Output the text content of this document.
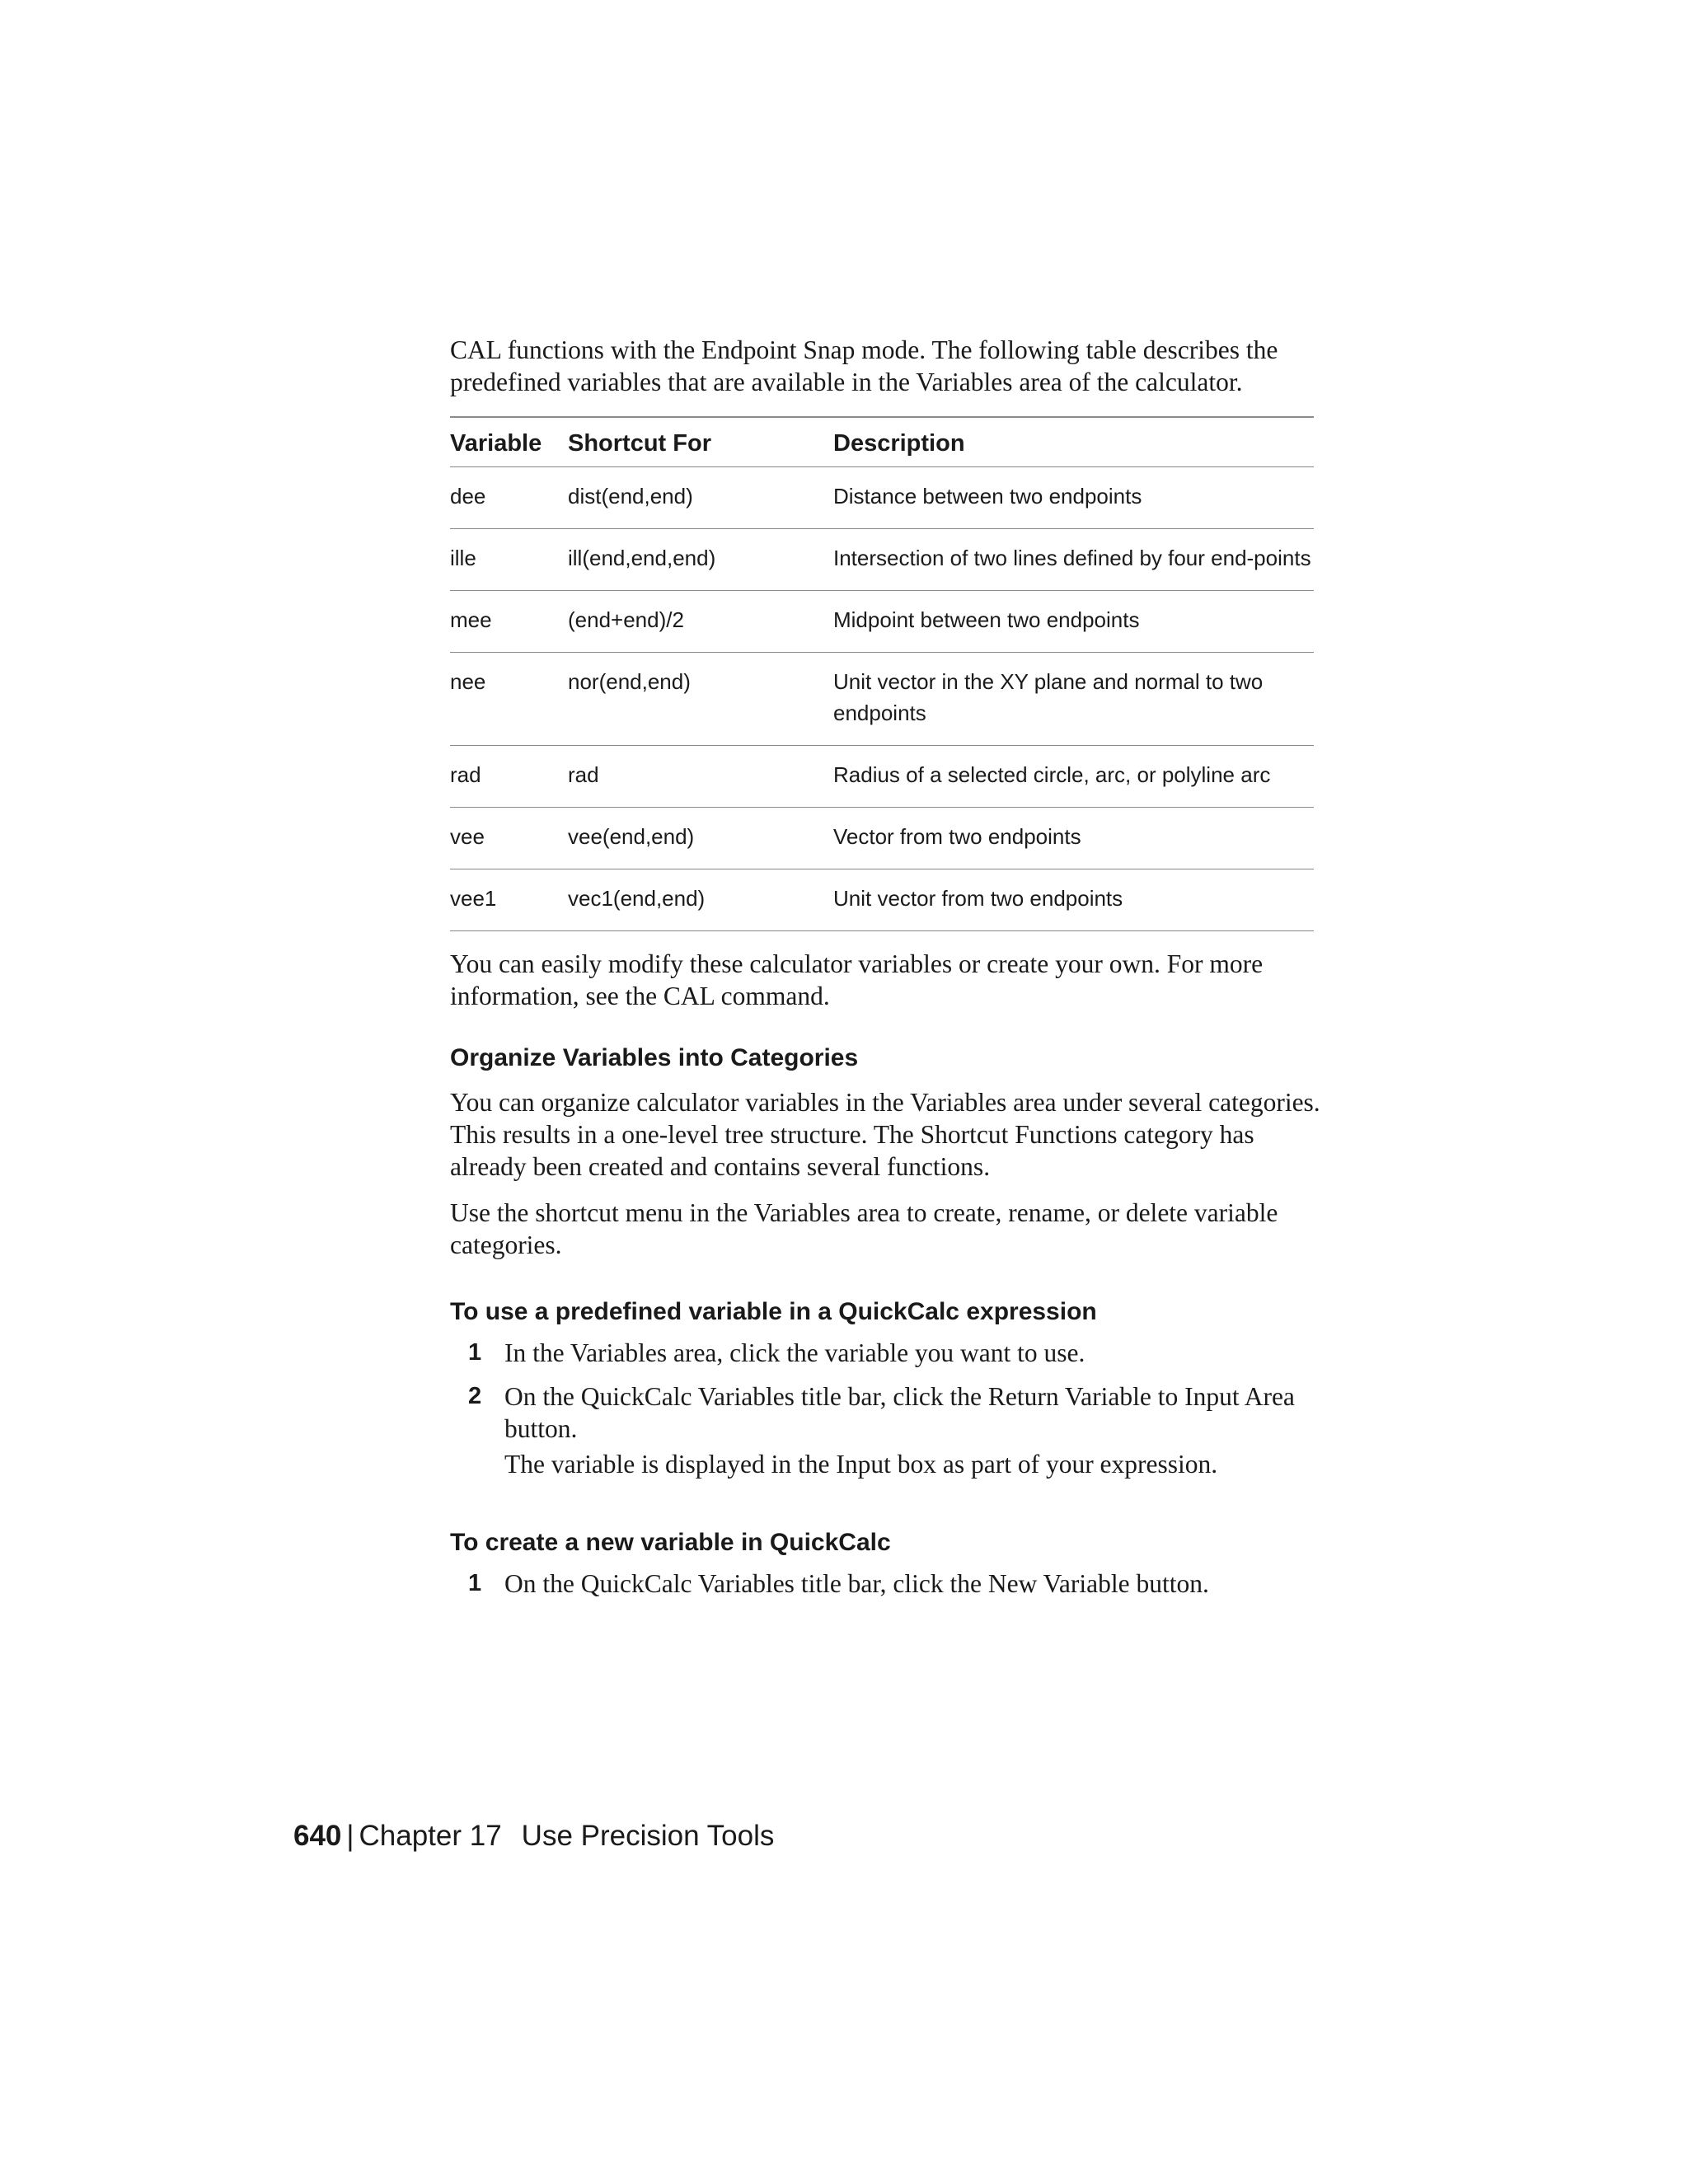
CAL functions with the Endpoint Snap mode. The following table describes the predefined variables that are available in the Variables area of the calculator.

Variable	Shortcut For	Description
dee	dist(end,end)	Distance between two endpoints
ille	ill(end,end,end)	Intersection of two lines defined by four end-points
mee	(end+end)/2	Midpoint between two endpoints
nee	nor(end,end)	Unit vector in the XY plane and normal to two endpoints
rad	rad	Radius of a selected circle, arc, or polyline arc
vee	vee(end,end)	Vector from two endpoints
vee1	vec1(end,end)	Unit vector from two endpoints

You can easily modify these calculator variables or create your own. For more information, see the CAL command.

Organize Variables into Categories

You can organize calculator variables in the Variables area under several categories. This results in a one-level tree structure. The Shortcut Functions category has already been created and contains several functions.

Use the shortcut menu in the Variables area to create, rename, or delete variable categories.

To use a predefined variable in a QuickCalc expression
1 In the Variables area, click the variable you want to use.
2 On the QuickCalc Variables title bar, click the Return Variable to Input Area button.

The variable is displayed in the Input box as part of your expression.

To create a new variable in QuickCalc
1 On the QuickCalc Variables title bar, click the New Variable button.
640 | Chapter 17 Use Precision Tools
